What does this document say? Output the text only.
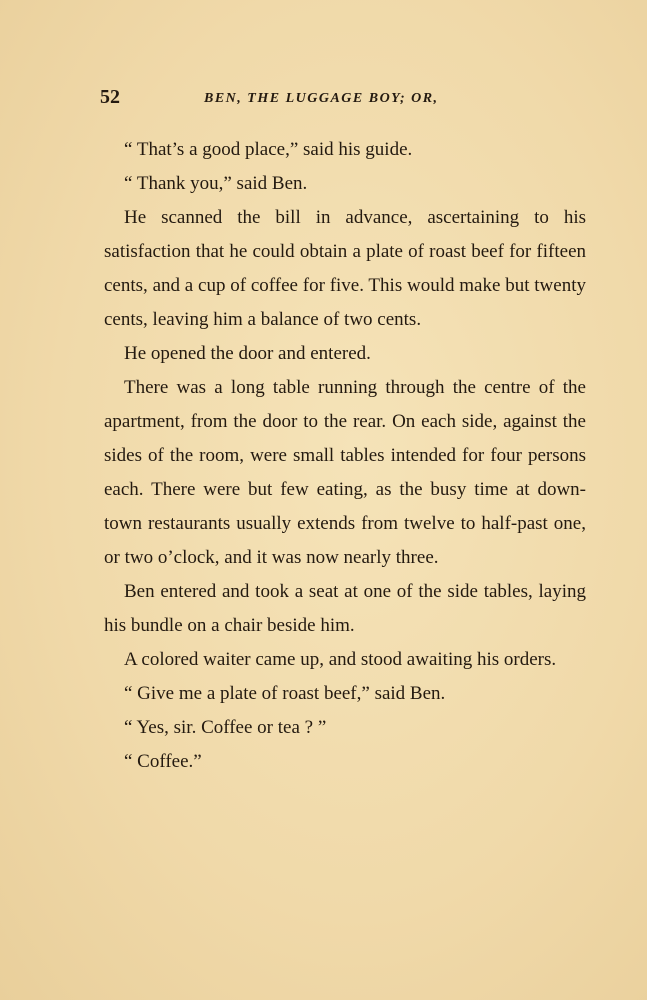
52	BEN, THE LUGGAGE BOY; OR,

“ That’s a good place,” said his guide.

“ Thank you,” said Ben.

He scanned the bill in advance, ascertaining to his satisfaction that he could obtain a plate of roast beef for fifteen cents, and a cup of coffee for five. This would make but twenty cents, leaving him a balance of two cents.

He opened the door and entered.

There was a long table running through the centre of the apartment, from the door to the rear. On each side, against the sides of the room, were small tables intended for four persons each. There were but few eating, as the busy time at down-town restaurants usually extends from twelve to half-past one, or two o’clock, and it was now nearly three.

Ben entered and took a seat at one of the side tables, laying his bundle on a chair beside him.

A colored waiter came up, and stood awaiting his orders.

“ Give me a plate of roast beef,” said Ben.

“ Yes, sir. Coffee or tea ? ”

“ Coffee.”
